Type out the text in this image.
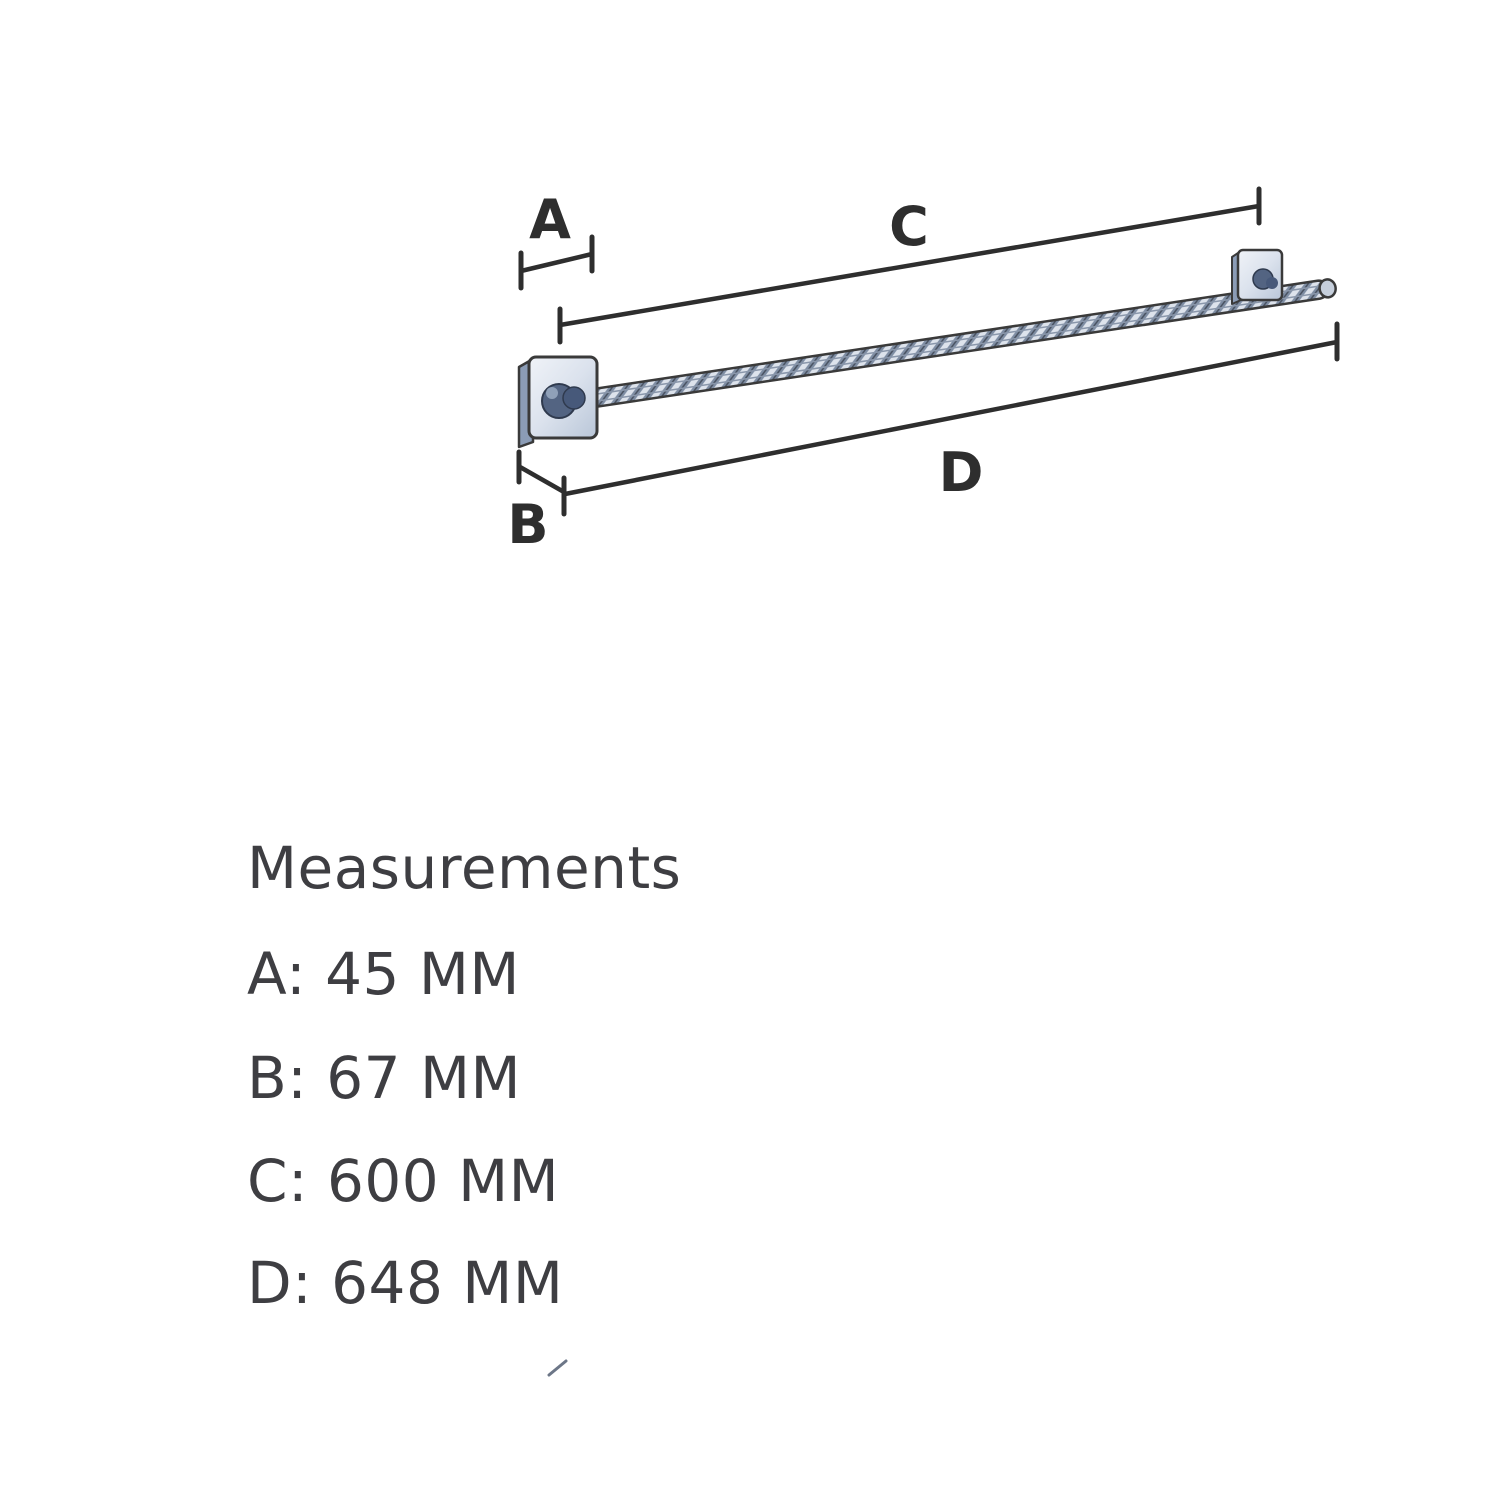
A	C
D
B
Measurements
A: 45 MM
B: 67 MM
C: 600 MM
D: 648 MM
